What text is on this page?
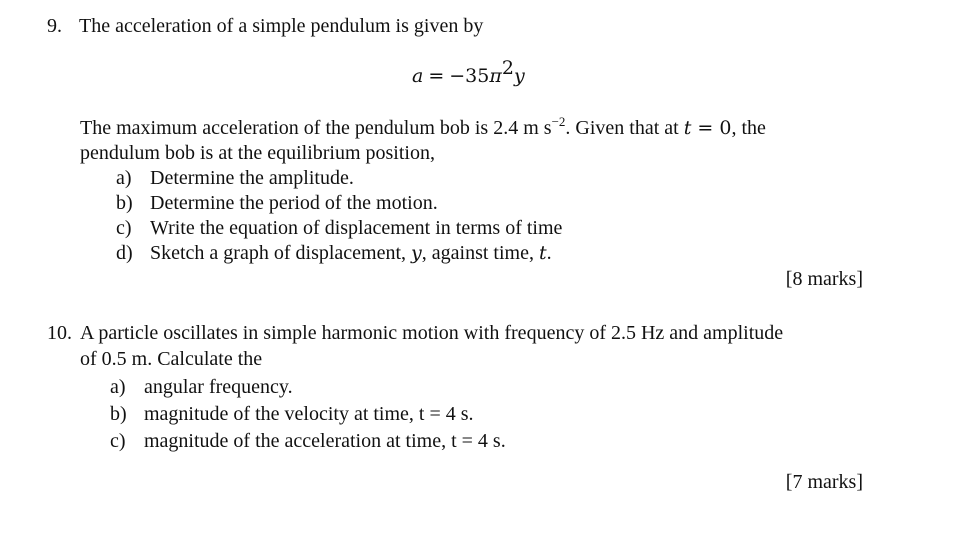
9. The acceleration of a simple pendulum is given by
$a = -35\pi^2y$
The maximum acceleration of the pendulum bob is 2.4 m $s^{-2}$. Given that at t = 0, the
pendulum bob is at the equilibrium position,
a) Determine the amplitude.
b) Determine the period of the motion.
c) Write the equation of displacement in terms of time
d) Sketch a graph of displacement, y, against time, t.
[8 marks]
10. A particle oscillates in simple harmonic motion with frequency of 2.5 Hz and amplitude
of 0.5 m. Calculate the
a) angular frequency.
b) magnitude of the velocity at time, t = 4 s.
c) magnitude of the acceleration at time, t = 4 s.
[7 marks]
